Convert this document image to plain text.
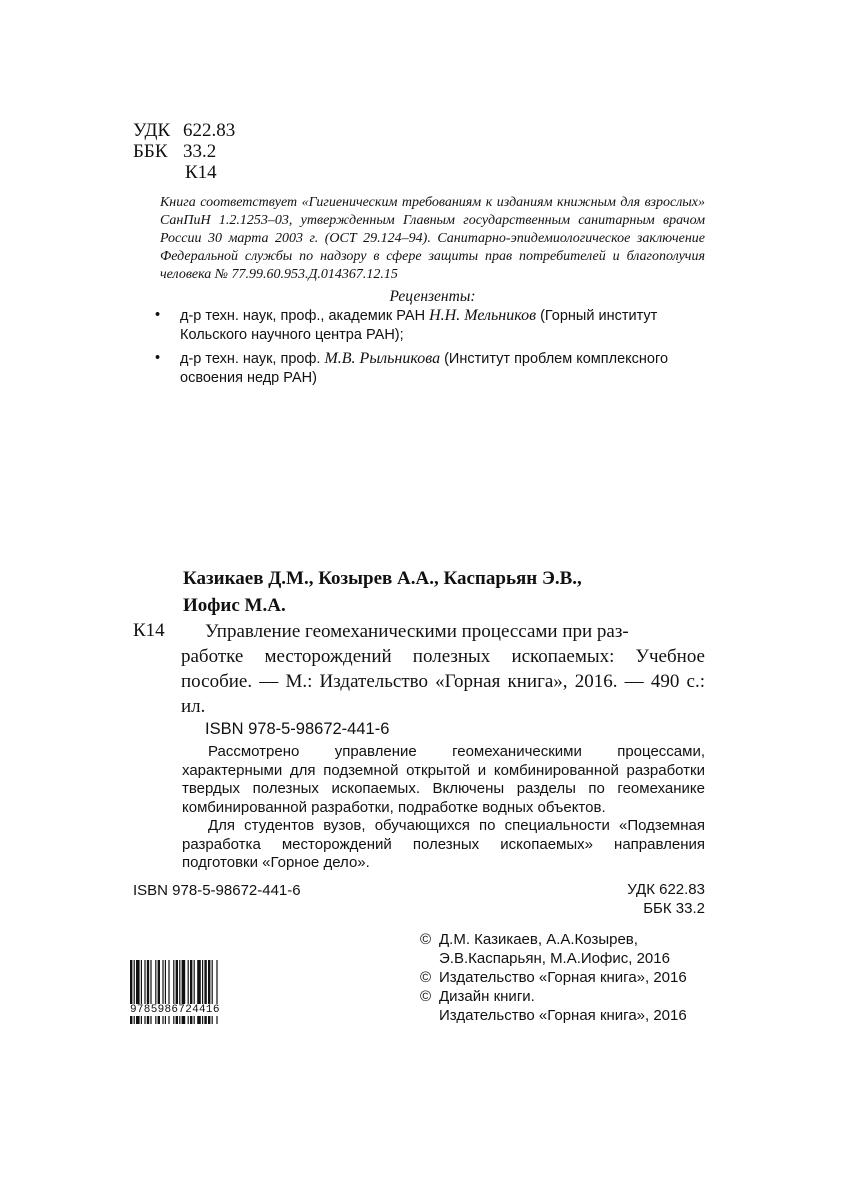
УДК 622.83
ББК 33.2
К14
Книга соответствует «Гигиеническим требованиям к изданиям книжным для взрослых» СанПиН 1.2.1253–03, утвержденным Главным государственным санитарным врачом России 30 марта 2003 г. (ОСТ 29.124–94). Санитарно-эпидемиологическое заключение Федеральной службы по надзору в сфере защиты прав потребителей и благополучия человека № 77.99.60.953.Д.014367.12.15
Рецензенты:
• д-р техн. наук, проф., академик РАН Н.Н. Мельников (Горный институт Кольского научного центра РАН);
• д-р техн. наук, проф. М.В. Рыльникова (Институт проблем комплексного освоения недр РАН)
Казикаев Д.М., Козырев А.А., Каспарьян Э.В.,
Иофис М.А.
К14 Управление геомеханическими процессами при раз-
работке месторождений полезных ископаемых: Учебное пособие. — М.: Издательство «Горная книга», 2016. — 490 с.: ил.
ISBN 978-5-98672-441-6

Рассмотрено управление геомеханическими процессами, характерными для подземной открытой и комбинированной разработки твердых полезных ископаемых. Включены разделы по геомеханике комбинированной разработки, подработке водных объектов.

Для студентов вузов, обучающихся по специальности «Подземная разработка месторождений полезных ископаемых» направления подготовки «Горное дело».

ISBN 978-5-98672-441-6	УДК 622.83
ББК 33.2
© Д.М. Казикаев, А.А.Козырев, Э.В.Каспарьян, М.А.Иофис, 2016
© Издательство «Горная книга», 2016
© Дизайн книги.
Издательство «Горная книга», 2016
9785986724416
